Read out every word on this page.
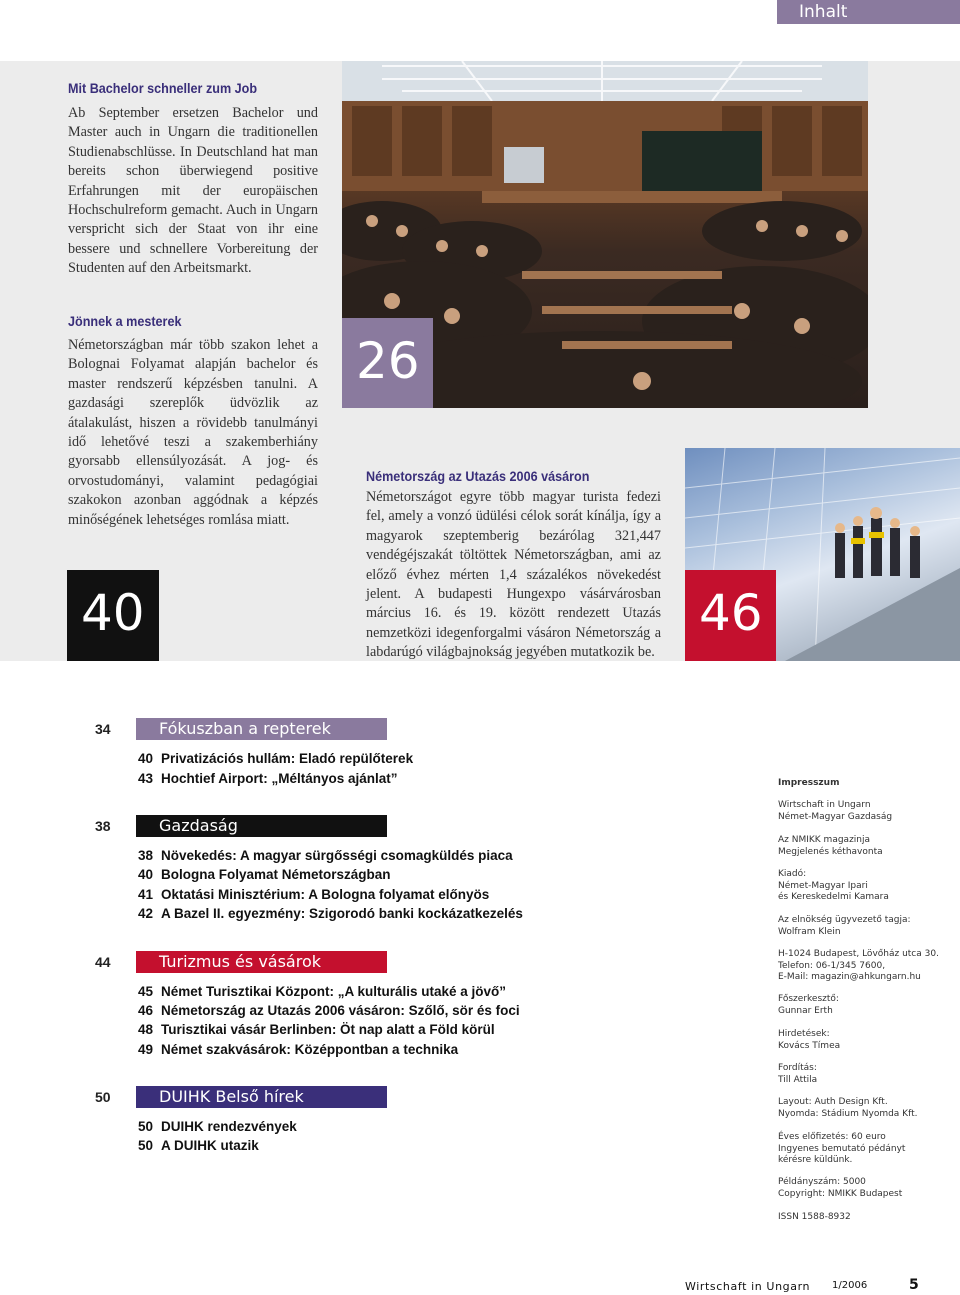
Inhalt
26
40	46
Mit Bachelor schneller zum Job
Ab September ersetzen Bachelor und Master auch in Ungarn die traditionellen Studienabschlüsse. In Deutschland hat man bereits schon überwiegend positive Erfahrungen mit der europäischen Hochschulreform gemacht. Auch in Ungarn verspricht sich der Staat von ihr eine bessere und schnellere Vorbereitung der Studenten auf den Arbeitsmarkt.
Jönnek a mesterek
Németországban már több szakon lehet a Bolognai Folyamat alapján bachelor és master rendszerű képzésben tanulni. A gazdasági szereplők üdvözlik az átalakulást, hiszen a rövidebb tanulmányi idő lehetővé teszi a szakemberhiány gyorsabb ellensúlyozását. A jog- és orvostudományi, valamint pedagógiai szakokon azonban aggódnak a képzés minőségének lehetséges romlása miatt.
Németország az Utazás 2006 vásáron
Németországot egyre több magyar turista fedezi fel, amely a vonzó üdülési célok sorát kínálja, így a magyarok szeptemberig bezárólag 321,447 vendégéjszakát töltöttek Németországban, ami az előző évhez mérten 1,4 százalékos növekedést jelent. A budapesti Hungexpo vásárvárosban március 16. és 19. között rendezett Utazás nemzetközi idegenforgalmi vásáron Németország a labdarúgó világbajnokság jegyében mutatkozik be.
34	Fókuszban a repterek
40 Privatizációs hullám: Eladó repülőterek
43 Hochtief Airport: „Méltányos ajánlat”
38	Gazdaság
38 Növekedés: A magyar sürgősségi csomagküldés piaca
40 Bologna Folyamat Németországban
41 Oktatási Minisztérium: A Bologna folyamat előnyös
42 A Bazel II. egyezmény: Szigorodó banki kockázatkezelés
44	Turizmus és vásárok
45 Német Turisztikai Központ: „A kulturális utaké a jövő”
46 Németország az Utazás 2006 vásáron: Szőlő, sör és foci
48 Turisztikai vásár Berlinben: Öt nap alatt a Föld körül
49 Német szakvásárok: Középpontban a technika
50	DUIHK Belső hírek
50 DUIHK rendezvények
50 A DUIHK utazik
Impresszum
Wirtschaft in Ungarn
Német-Magyar Gazdaság
Az NMIKK magazinja
Megjelenés kéthavonta
Kiadó:
Német-Magyar Ipari
és Kereskedelmi Kamara
Az elnökség ügyvezető tagja:
Wolfram Klein
H-1024 Budapest, Lövőház utca 30.
Telefon: 06-1/345 7600,
E-Mail: magazin@ahkungarn.hu
Főszerkesztő:
Gunnar Erth
Hirdetések:
Kovács Tímea
Fordítás:
Till Attila
Layout: Auth Design Kft.
Nyomda: Stádium Nyomda Kft.
Éves előfizetés: 60 euro
Ingyenes bemutató pédányt
kérésre küldünk.
Példányszám: 5000
Copyright: NMIKK Budapest
ISSN 1588-8932
Wirtschaft in Ungarn 1/2006	5
